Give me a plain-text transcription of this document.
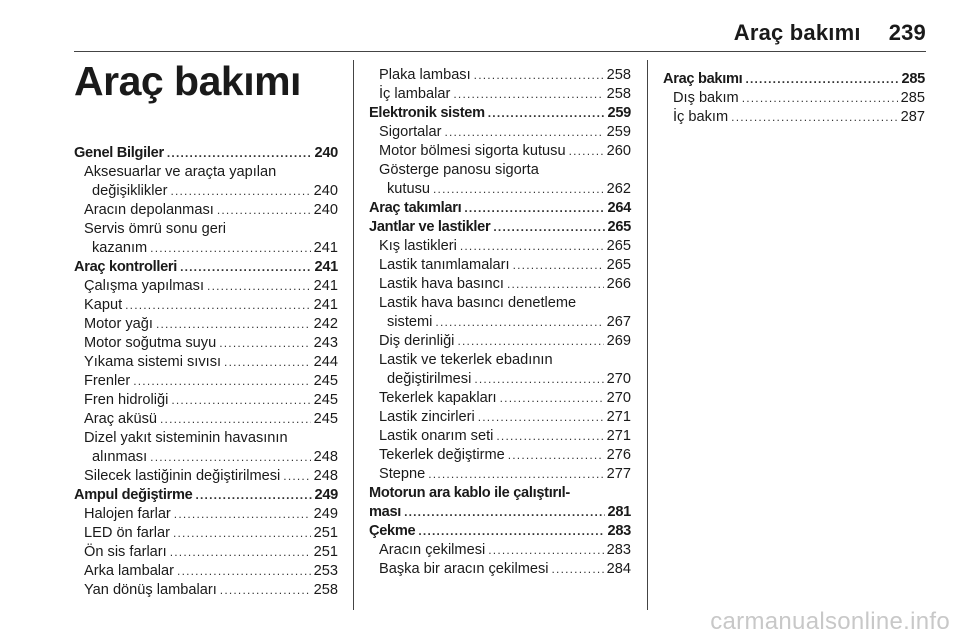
Araç bakımı 239
Araç bakımı
Genel Bilgiler .....	240
Aksesuarlar ve araçta yapılan
değişiklikler .....	240
Aracın depolanması .....	240
Servis ömrü sonu geri
kazanım .....	241
Araç kontrolleri .....	241
Çalışma yapılması .....	241
Kaput .....	241
Motor yağı .....	242
Motor soğutma suyu .....	243
Yıkama sistemi sıvısı .....	244
Frenler .....	245
Fren hidroliği .....	245
Araç aküsü .....	245
Dizel yakıt sisteminin havasının
alınması .....	248
Silecek lastiğinin değiştirilmesi ..... 248
Ampul değiştirme .....	249
Halojen farlar .....	249
LED ön farlar .....	251
Ön sis farları .....	251
Arka lambalar .....	253
Yan dönüş lambaları .....	258
Plaka lambası .....	258
İç lambalar .....	258
Elektronik sistem .....	259
Sigortalar .....	259
Motor bölmesi sigorta kutusu .....	260
Gösterge panosu sigorta
kutusu .....	262
Araç takımları .....	264
Jantlar ve lastikler .....	265
Kış lastikleri .....	265
Lastik tanımlamaları .....	265
Lastik hava basıncı .....	266
Lastik hava basıncı denetleme
sistemi .....	267
Diş derinliği .....	269
Lastik ve tekerlek ebadının
değiştirilmesi .....	270
Tekerlek kapakları .....	270
Lastik zincirleri .....	271
Lastik onarım seti .....	271
Tekerlek değiştirme .....	276
Stepne .....	277
Motorun ara kablo ile çalıştırıl-
ması .....	281
Çekme .....	283
Aracın çekilmesi .....	283
Başka bir aracın çekilmesi .....	284
Araç bakımı .....	285
Dış bakım .....	285
İç bakım .....	287
carmanualsonline.info
